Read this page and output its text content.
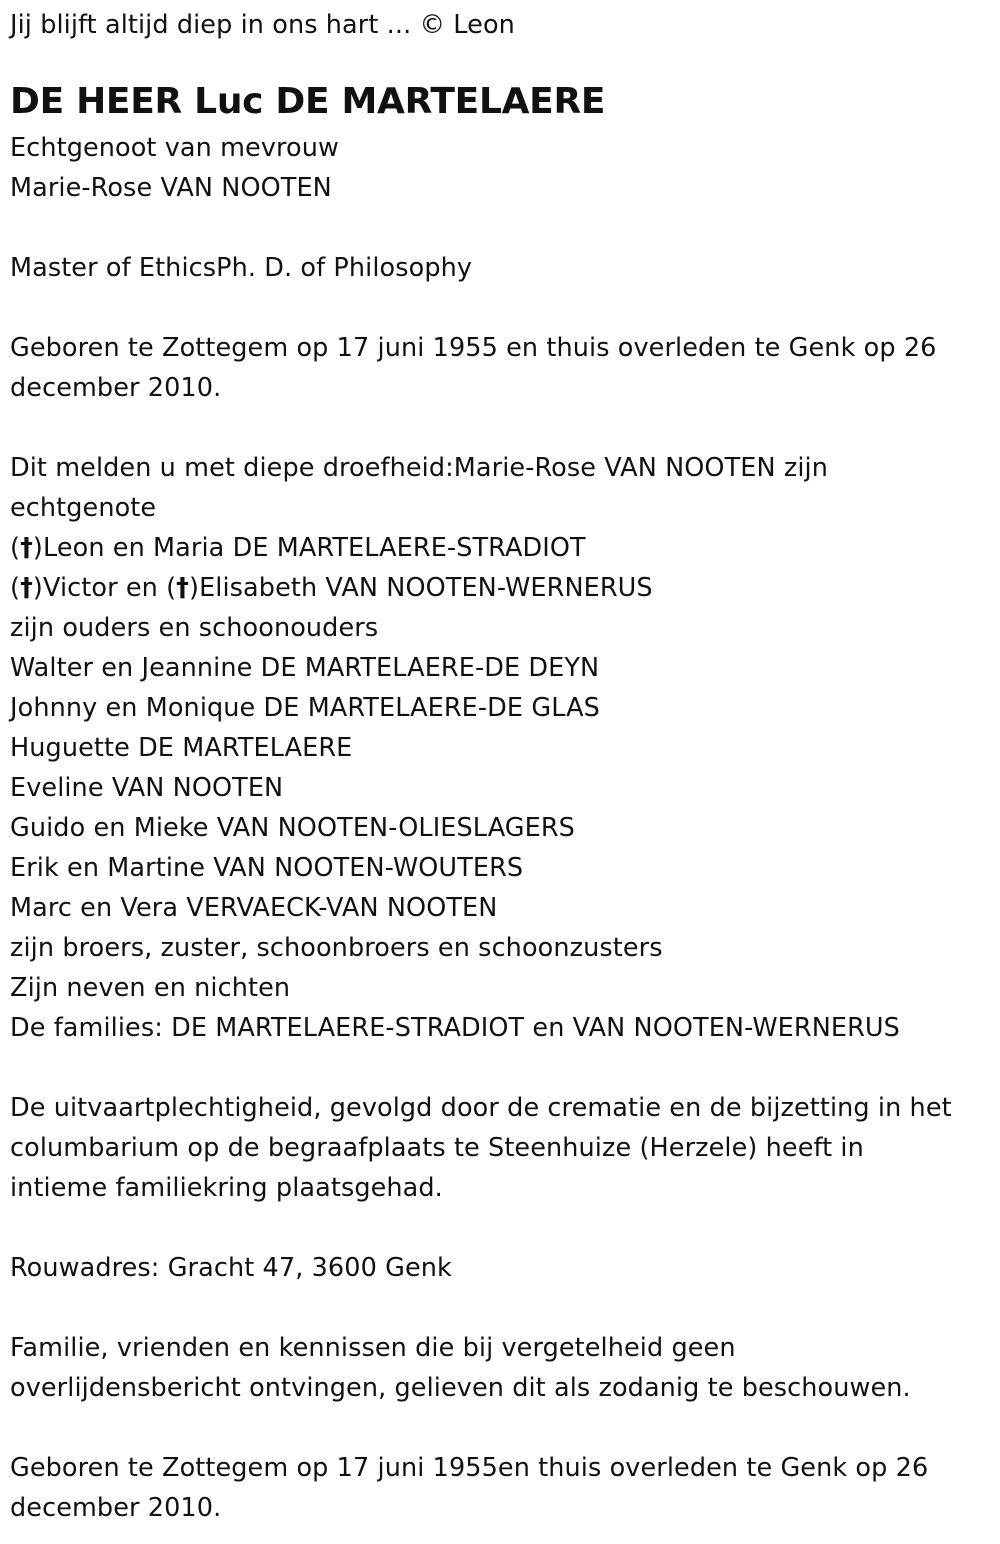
Jij blijft altijd diep in ons hart ... © Leon
DE HEER Luc DE MARTELAERE
Echtgenoot van mevrouw
Marie-Rose VAN NOOTEN
Master of EthicsPh. D. of Philosophy
Geboren te Zottegem op 17 juni 1955 en thuis overleden te Genk op 26
december 2010.
Dit melden u met diepe droefheid:Marie-Rose VAN NOOTEN zijn
echtgenote
(†)Leon en Maria DE MARTELAERE-STRADIOT
(†)Victor en (†)Elisabeth VAN NOOTEN-WERNERUS
zijn ouders en schoonouders
Walter en Jeannine DE MARTELAERE-DE DEYN
Johnny en Monique DE MARTELAERE-DE GLAS
Huguette DE MARTELAERE
Eveline VAN NOOTEN
Guido en Mieke VAN NOOTEN-OLIESLAGERS
Erik en Martine VAN NOOTEN-WOUTERS
Marc en Vera VERVAECK-VAN NOOTEN
zijn broers, zuster, schoonbroers en schoonzusters
Zijn neven en nichten
De families: DE MARTELAERE-STRADIOT en VAN NOOTEN-WERNERUS
De uitvaartplechtigheid, gevolgd door de crematie en de bijzetting in het
columbarium op de begraafplaats te Steenhuize (Herzele) heeft in
intieme familiekring plaatsgehad.
Rouwadres: Gracht 47, 3600 Genk
Familie, vrienden en kennissen die bij vergetelheid geen
overlijdensbericht ontvingen, gelieven dit als zodanig te beschouwen.
Geboren te Zottegem op 17 juni 1955en thuis overleden te Genk op 26
december 2010.
